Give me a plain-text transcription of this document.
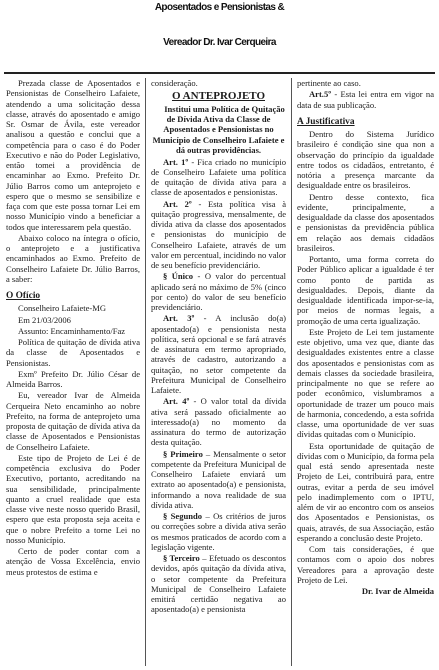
Aposentados e Pensionistas &
Vereador Dr. Ivar Cerqueira

Prezada classe de Aposentados e Pensionistas de Conselheiro Lafaiete, atendendo a uma solicitação dessa classe, através do aposentado e amigo Sr. Osmar de Ávila, este vereador analisou a questão e conclui que a competência para o caso é do Poder Executivo e não do Poder Legislativo, então tomei a providência de encaminhar ao Exmo. Prefeito Dr. Júlio Barros como um anteprojeto e espero que o mesmo se sensibilize e faça com que este possa tornar Lei em nosso Município vindo a beneficiar a todos que interessarem pela questão.

Abaixo coloco na íntegra o ofício, o anteprojeto e a justificativa encaminhados ao Exmo. Prefeito de Conselheiro Lafaiete Dr. Júlio Barros, a saber:

O Ofício

Conselheiro Lafaiete-MG

Em 21/03/2006

Assunto: Encaminhamento/Faz

Política de quitação de dívida ativa da classe de Aposentados e Pensionistas.

Exmº Prefeito Dr. Júlio César de Almeida Barros.

Eu, vereador Ivar de Almeida Cerqueira Neto encaminho ao nobre Prefeito, na forma de anteprojeto uma proposta de quitação de dívida ativa da classe de Aposentados e Pensionistas de Conselheiro Lafaiete.

Este tipo de Projeto de Lei é de competência exclusiva do Poder Executivo, portanto, acreditando na sua sensibilidade, principalmente quanto a cruel realidade que esta classe vive neste nosso querido Brasil, espero que esta proposta seja aceita e que o nobre Prefeito a torne Lei no nosso Município.

Certo de poder contar com a atenção de Vossa Excelência, envio meus protestos de estima e

consideração.

O ANTEPROJETO

Institui uma Política de Quitação de Dívida Ativa da Classe de Aposentados e Pensionistas no Município de Conselheiro Lafaiete e dá outras providências.

Art. 1º - Fica criado no município de Conselheiro Lafaiete uma política de quitação de dívida ativa para a classe de aposentados e pensionistas.

Art. 2º - Esta política visa à quitação progressiva, mensalmente, de dívida ativa da classe dos aposentados e pensionistas do município de Conselheiro Lafaiete, através de um valor em percentual, incidindo no valor de seu benefício previdenciário.

§ Único - O valor do percentual aplicado será no máximo de 5% (cinco por cento) do valor de seu benefício previdenciário.

Art. 3º - A inclusão do(a) aposentado(a) e pensionista nesta política, será opcional e se fará através de assinatura em termo apropriado, através de cadastro, autorizando a quitação, no setor competente da Prefeitura Municipal de Conselheiro Lafaiete.

Art. 4º - O valor total da dívida ativa será passado oficialmente ao interessado(a) no momento da assinatura do termo de autorização desta quitação.

§ Primeiro – Mensalmente o setor competente da Prefeitura Municipal de Conselheiro Lafaiete enviará um extrato ao aposentado(a) e pensionista, informando a nova realidade de sua dívida ativa.

§ Segundo – Os critérios de juros ou correções sobre a dívida ativa serão os mesmos praticados de acordo com a legislação vigente.

§ Terceiro – Efetuado os descontos devidos, após quitação da dívida ativa, o setor competente da Prefeitura Municipal de Conselheiro Lafaiete emitirá certidão negativa ao aposentado(a) e pensionista

pertinente ao caso.

Art.5º - Esta lei entra em vigor na data de sua publicação.

A Justificativa

Dentro do Sistema Jurídico brasileiro é condição sine qua non a observação do princípio da igualdade entre todos os cidadãos, entretanto, é notória a presença marcante da desigualdade entre os brasileiros.

Dentro desse contexto, fica evidente, principalmente, a desigualdade da classe dos aposentados e pensionistas da previdência pública em relação aos demais cidadãos brasileiros.

Portanto, uma forma correta do Poder Público aplicar a igualdade é ter como ponto de partida as desigualdades. Depois, diante da desigualdade identificada impor-se-ia, por meios de normas legais, a promoção de uma certa igualização.

Este Projeto de Lei tem justamente este objetivo, uma vez que, diante das desigualdades existentes entre a classe dos aposentados e pensionistas com as demais classes da sociedade brasileira, principalmente no que se refere ao poder econômico, vislumbramos a oportunidade de trazer um pouco mais de harmonia, concedendo, a esta sofrida classe, uma oportunidade de ver suas dívidas quitadas com o Município.

Esta oportunidade de quitação de dívidas com o Município, da forma pela qual está sendo apresentada neste Projeto de Lei, contribuirá para, entre outras, evitar a perda de seu imóvel pelo inadimplemento com o IPTU, além de vir ao encontro com os anseios dos Aposentados e Pensionistas, os quais, através, de sua Associação, estão esperando a conclusão deste Projeto.

Com tais considerações, é que contamos com o apoio dos nobres Vereadores para a aprovação deste Projeto de Lei.

Dr. Ivar de Almeida
